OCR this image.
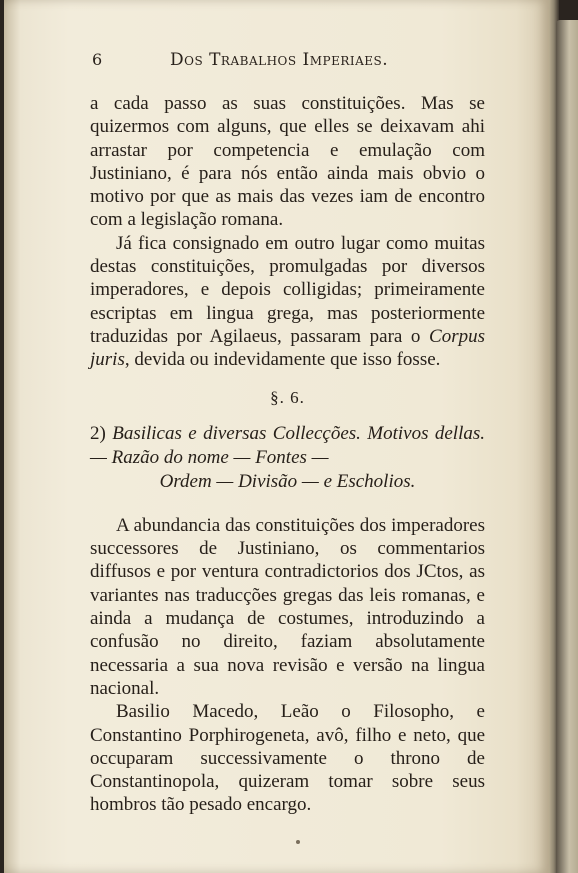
6	Dos Trabalhos Imperiaes.

a cada passo as suas constituições. Mas se quizermos com alguns, que elles se deixavam ahi arrastar por competencia e emulação com Justiniano, é para nós então ainda mais obvio o motivo por que as mais das vezes iam de encontro com a legislação romana.

Já fica consignado em outro lugar como muitas destas constituições, promulgadas por diversos imperadores, e depois colligidas; primeiramente escriptas em lingua grega, mas posteriormente traduzidas por Agilaeus, passaram para o Corpus juris, devida ou indevidamente que isso fosse.

§. 6.
2) Basilicas e diversas Collecções. Motivos dellas. — Razão do nome — Fontes —
Ordem — Divisão — e Escholios.

A abundancia das constituições dos imperadores successores de Justiniano, os commentarios diffusos e por ventura contradictorios dos JCtos, as variantes nas traducções gregas das leis romanas, e ainda a mudança de costumes, introduzindo a confusão no direito, faziam absolutamente necessaria a sua nova revisão e versão na lingua nacional.

Basilio Macedo, Leão o Filosopho, e Constantino Porphirogeneta, avô, filho e neto, que occuparam successivamente o throno de Constantinopola, quizeram tomar sobre seus hombros tão pesado encargo.
